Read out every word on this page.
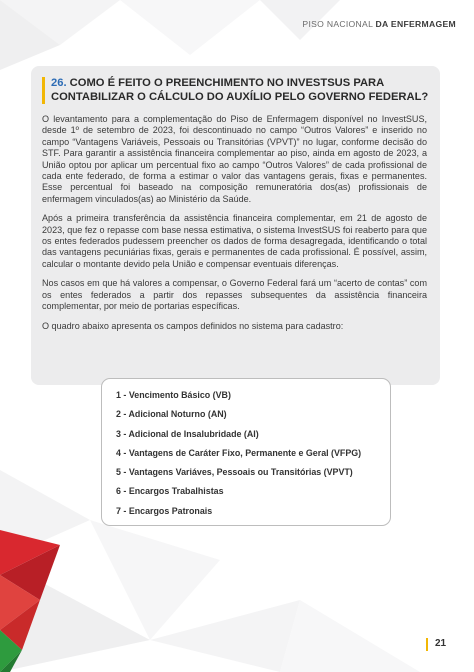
PISO NACIONAL DA ENFERMAGEM
26. COMO É FEITO O PREENCHIMENTO NO INVESTSUS PARA CONTABILIZAR O CÁLCULO DO AUXÍLIO PELO GOVERNO FEDERAL?

O levantamento para a complementação do Piso de Enfermagem disponível no InvestSUS, desde 1º de setembro de 2023, foi descontinuado no campo “Outros Valores” e inserido no campo “Vantagens Variáveis, Pessoais ou Transitórias (VPVT)” no lugar, conforme decisão do STF. Para garantir a assistência financeira complementar ao piso, ainda em agosto de 2023, a União optou por aplicar um percentual fixo ao campo “Outros Valores” de cada profissional de cada ente federado, de forma a estimar o valor das vantagens gerais, fixas e permanentes. Esse percentual foi baseado na composição remuneratória dos(as) profissionais de enfermagem vinculados(as) ao Ministério da Saúde.

Após a primeira transferência da assistência financeira complementar, em 21 de agosto de 2023, que fez o repasse com base nessa estimativa, o sistema InvestSUS foi reaberto para que os entes federados pudessem preencher os dados de forma desagregada, identificando o total das vantagens pecuniárias fixas, gerais e permanentes de cada profissional. É possível, assim, calcular o montante devido pela União e compensar eventuais diferenças.

Nos casos em que há valores a compensar, o Governo Federal fará um “acerto de contas” com os entes federados a partir dos repasses subsequentes da assistência financeira complementar, por meio de portarias específicas.

O quadro abaixo apresenta os campos definidos no sistema para cadastro:

1 - Vencimento Básico (VB)
2 - Adicional Noturno (AN)
3 - Adicional de Insalubridade (AI)
4 - Vantagens de Caráter Fixo, Permanente e Geral (VFPG)
5 - Vantagens Variáves, Pessoais ou Transitórias (VPVT)
6 - Encargos Trabalhistas
7 - Encargos Patronais
21
